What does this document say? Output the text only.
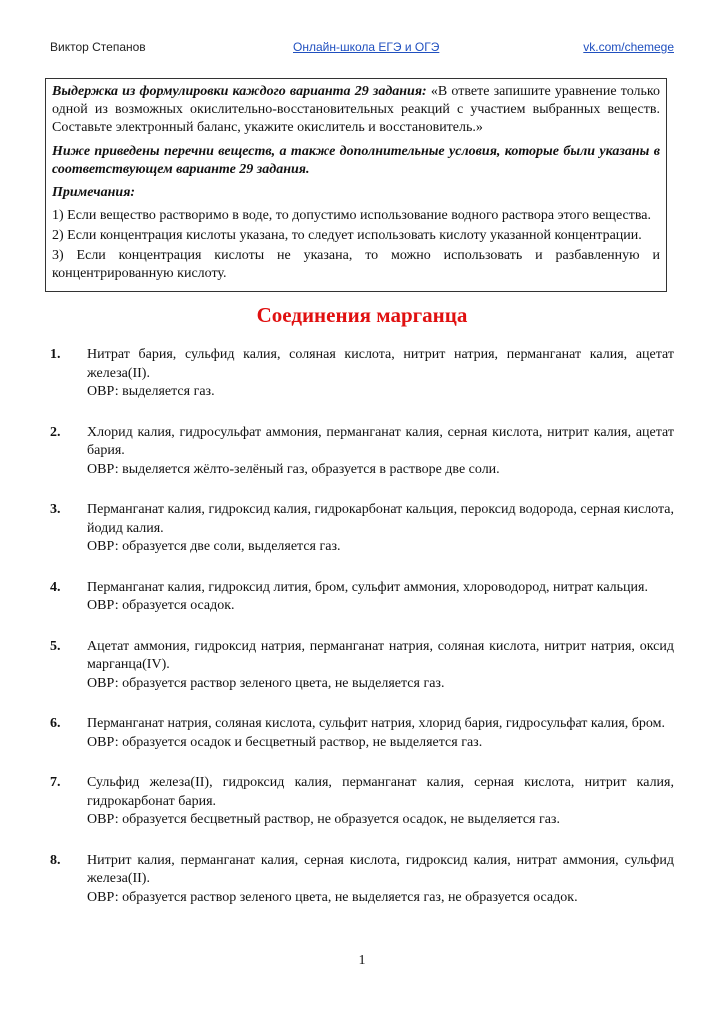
Виктор Степанов	Онлайн-школа ЕГЭ и ОГЭ	vk.com/chemege

Выдержка из формулировки каждого варианта 29 задания: «В ответе запишите уравнение только одной из возможных окислительно-восстановительных реакций с участием выбранных веществ. Составьте электронный баланс, укажите окислитель и восстановитель.»

Ниже приведены перечни веществ, а также дополнительные условия, которые были указаны в соответствующем варианте 29 задания.

Примечания:

1) Если вещество растворимо в воде, то допустимо использование водного раствора этого вещества.

2) Если концентрация кислоты указана, то следует использовать кислоту указанной концентрации.

3) Если концентрация кислоты не указана, то можно использовать и разбавленную и концентрированную кислоту.

Соединения марганца
1. Нитрат бария, сульфид калия, соляная кислота, нитрит натрия, перманганат калия, ацетат железа(II).
ОВР: выделяется газ.
2. Хлорид калия, гидросульфат аммония, перманганат калия, серная кислота, нитрит калия, ацетат бария.
ОВР: выделяется жёлто-зелёный газ, образуется в растворе две соли.
3. Перманганат калия, гидроксид калия, гидрокарбонат кальция, пероксид водорода, серная кислота, йодид калия.
ОВР: образуется две соли, выделяется газ.
4. Перманганат калия, гидроксид лития, бром, сульфит аммония, хлороводород, нитрат кальция.
ОВР: образуется осадок.
5. Ацетат аммония, гидроксид натрия, перманганат натрия, соляная кислота, нитрит натрия, оксид марганца(IV).
ОВР: образуется раствор зеленого цвета, не выделяется газ.
6. Перманганат натрия, соляная кислота, сульфит натрия, хлорид бария, гидросульфат калия, бром.
ОВР: образуется осадок и бесцветный раствор, не выделяется газ.
7. Сульфид железа(II), гидроксид калия, перманганат калия, серная кислота, нитрит калия, гидрокарбонат бария.
ОВР: образуется бесцветный раствор, не образуется осадок, не выделяется газ.
8. Нитрит калия, перманганат калия, серная кислота, гидроксид калия, нитрат аммония, сульфид железа(II).
ОВР: образуется раствор зеленого цвета, не выделяется газ, не образуется осадок.
1
